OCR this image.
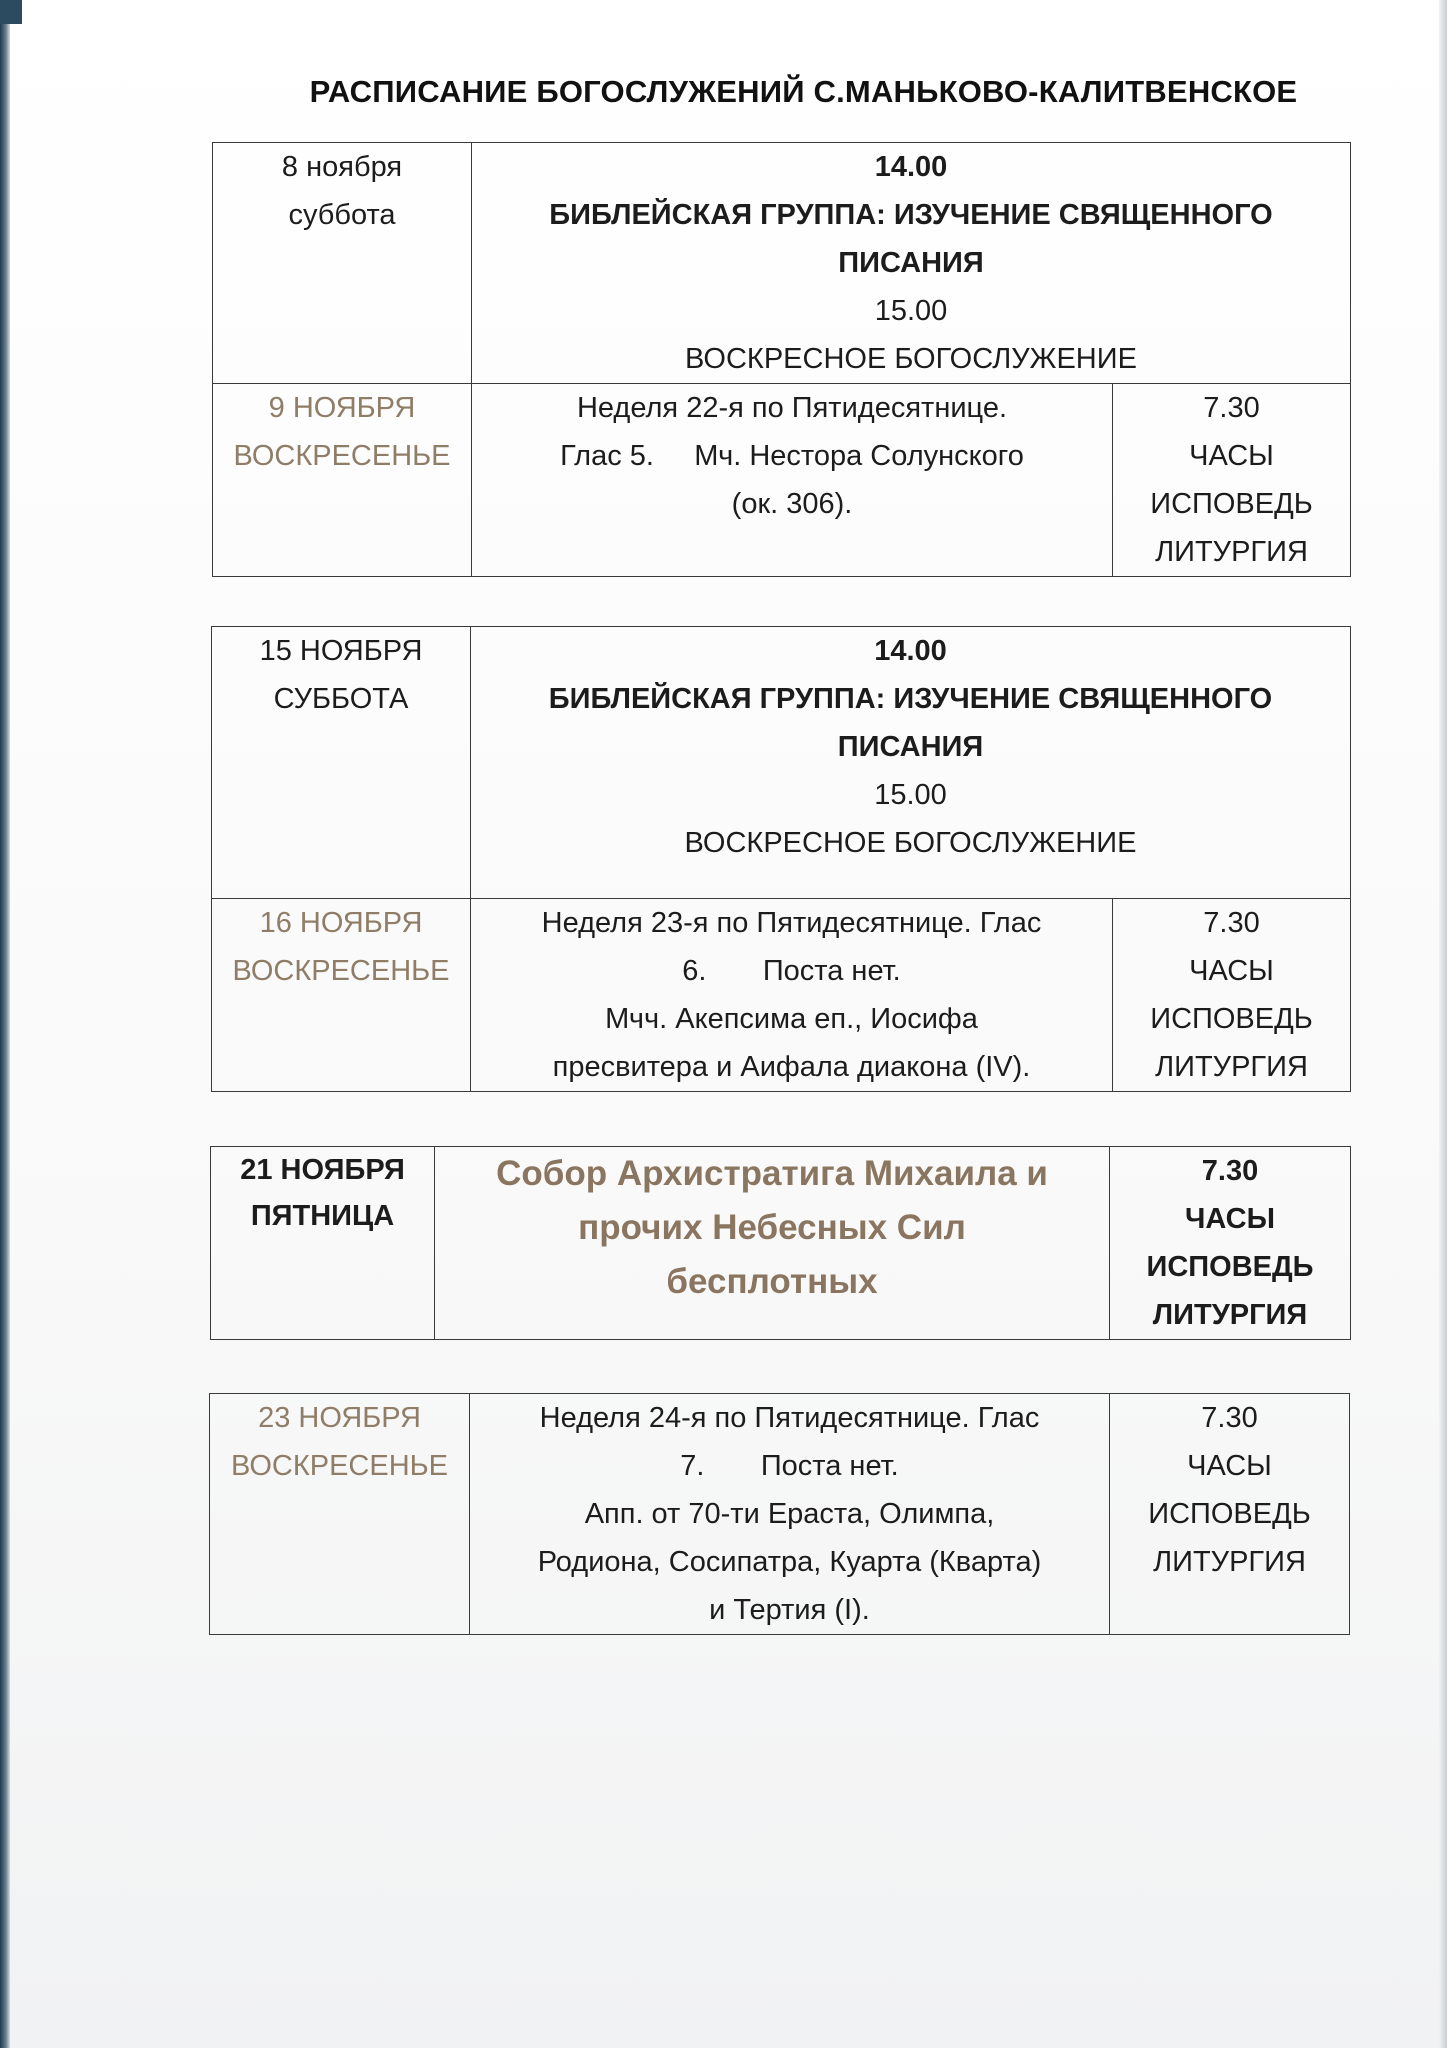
РАСПИСАНИЕ БОГОСЛУЖЕНИЙ С.МАНЬКОВО-КАЛИТВЕНСКОЕ
8 ноября
суббота	14.00
БИБЛЕЙСКАЯ ГРУППА: ИЗУЧЕНИЕ СВЯЩЕННОГО
ПИСАНИЯ
15.00
ВОСКРЕСНОЕ БОГОСЛУЖЕНИЕ	

9 НОЯБРЯ
ВОСКРЕСЕНЬЕ	Неделя 22-я по Пятидесятнице.
Глас 5.     Мч. Нестора Солунского
(ок. 306).	7.30
ЧАСЫ
ИСПОВЕДЬ
ЛИТУРГИЯ
15 НОЯБРЯ
СУББОТА	14.00
БИБЛЕЙСКАЯ ГРУППА: ИЗУЧЕНИЕ СВЯЩЕННОГО
ПИСАНИЯ
15.00
ВОСКРЕСНОЕ БОГОСЛУЖЕНИЕ	

16 НОЯБРЯ
ВОСКРЕСЕНЬЕ	Неделя 23-я по Пятидесятнице. Глас
6.       Поста нет.
Мчч. Акепсима еп., Иосифа
пресвитера и Аифала диакона (IV).	7.30
ЧАСЫ
ИСПОВЕДЬ
ЛИТУРГИЯ
21 НОЯБРЯ
ПЯТНИЦА

Собор Архистратига Михаила и
прочих Небесных Сил
бесплотных

7.30
ЧАСЫ
ИСПОВЕДЬ
ЛИТУРГИЯ
23 НОЯБРЯ
ВОСКРЕСЕНЬЕ

Неделя 24-я по Пятидесятнице. Глас
7.       Поста нет.
Апп. от 70-ти Ераста, Олимпа,
Родиона, Сосипатра, Куарта (Кварта)
и Тертия (I).

7.30
ЧАСЫ
ИСПОВЕДЬ
ЛИТУРГИЯ
